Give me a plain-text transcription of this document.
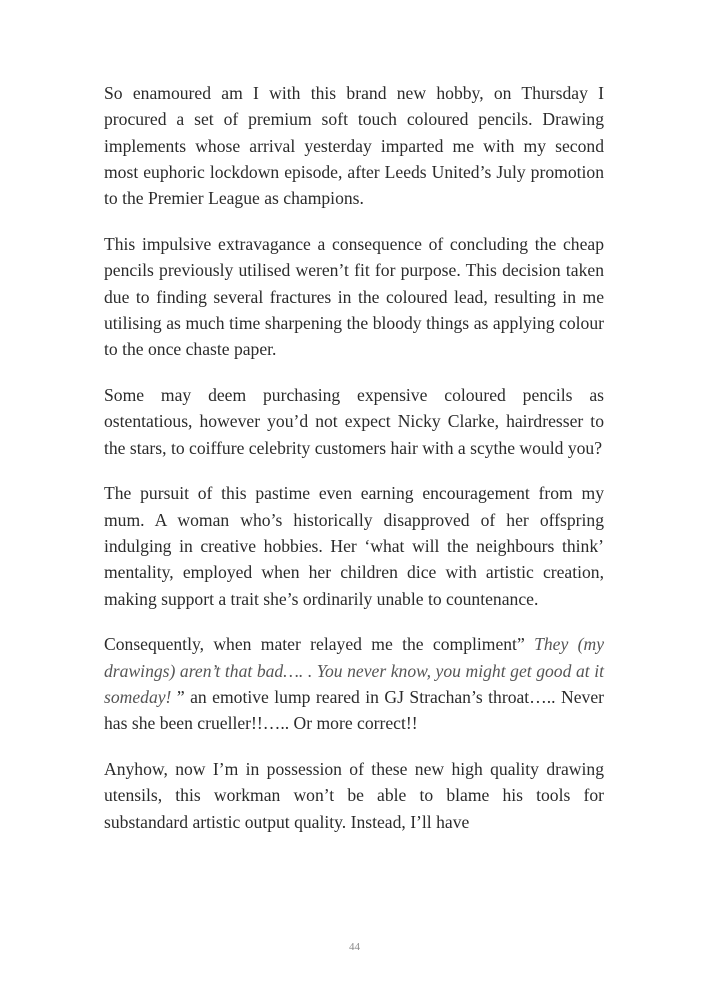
So enamoured am I with this brand new hobby, on Thursday I procured a set of premium soft touch coloured pencils. Drawing implements whose arrival yesterday imparted me with my second most euphoric lockdown episode, after Leeds United’s July promotion to the Premier League as champions.

This impulsive extravagance a consequence of concluding the cheap pencils previously utilised weren’t fit for purpose. This decision taken due to finding several fractures in the coloured lead, resulting in me utilising as much time sharpening the bloody things as applying colour to the once chaste paper.

Some may deem purchasing expensive coloured pencils as ostentatious, however you’d not expect Nicky Clarke, hairdresser to the stars, to coiffure celebrity customers hair with a scythe would you?

The pursuit of this pastime even earning encouragement from my mum. A woman who’s historically disapproved of her offspring indulging in creative hobbies. Her ‘what will the neighbours think’ mentality, employed when her children dice with artistic creation, making support a trait she’s ordinarily unable to countenance.

Consequently, when mater relayed me the compliment” They (my drawings) aren’t that bad…. . You never know, you might get good at it someday! ” an emotive lump reared in GJ Strachan’s throat….. Never has she been crueller!!….. Or more correct!!

Anyhow, now I’m in possession of these new high quality drawing utensils, this workman won’t be able to blame his tools for substandard artistic output quality. Instead, I’ll have

44
